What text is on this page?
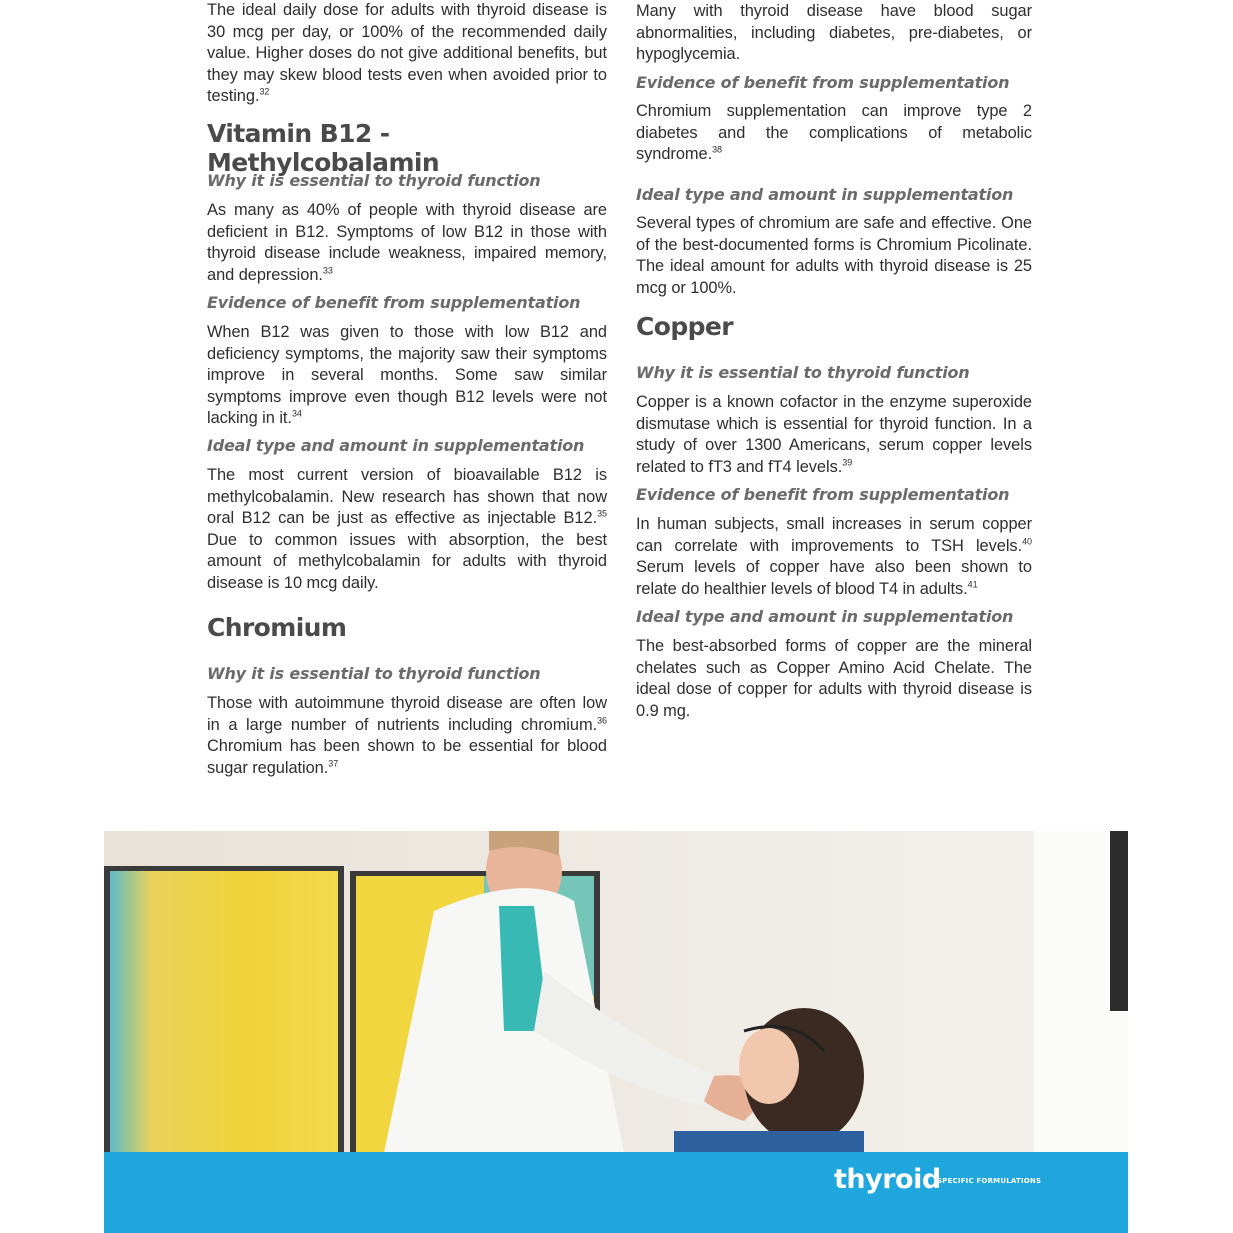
The ideal daily dose for adults with thyroid disease is 30 mcg per day, or 100% of the recommended daily value. Higher doses do not give additional benefits, but they may skew blood tests even when avoided prior to testing.$^{32}$

Vitamin B12 - Methylcobalamin
Why it is essential to thyroid function

As many as 40% of people with thyroid disease are deficient in B12. Symptoms of low B12 in those with thyroid disease include weakness, impaired memory, and depression.$^{33}$

Evidence of benefit from supplementation

When B12 was given to those with low B12 and deficiency symptoms, the majority saw their symptoms improve in several months. Some saw similar symptoms improve even though B12 levels were not lacking in it.$^{34}$

Ideal type and amount in supplementation

The most current version of bioavailable B12 is methylcobalamin. New research has shown that now oral B12 can be just as effective as injectable B12.35 Due to common issues with absorption, the best amount of methylcobalamin for adults with thyroid disease is 10 mcg daily.

Chromium
Why it is essential to thyroid function

Those with autoimmune thyroid disease are often low in a large number of nutrients including chromium.$^{36}$ Chromium has been shown to be essential for blood sugar regulation.$^{37}$

Many with thyroid disease have blood sugar abnormalities, including diabetes, pre-diabetes, or hypoglycemia.

Evidence of benefit from supplementation

Chromium supplementation can improve type 2 diabetes and the complications of metabolic syndrome.$^{38}$

Ideal type and amount in supplementation

Several types of chromium are safe and effective. One of the best-documented forms is Chromium Picolinate. The ideal amount for adults with thyroid disease is 25 mcg or 100%.

Copper
Why it is essential to thyroid function

Copper is a known cofactor in the enzyme superoxide dismutase which is essential for thyroid function. In a study of over 1300 Americans, serum copper levels related to fT3 and fT4 levels.$^{39}$

Evidence of benefit from supplementation

In human subjects, small increases in serum copper can correlate with improvements to TSH levels.$^{40}$ Serum levels of copper have also been shown to relate do healthier levels of blood T4 in adults.$^{41}$

Ideal type and amount in supplementation

The best-absorbed forms of copper are the mineral chelates such as Copper Amino Acid Chelate. The ideal dose of copper for adults with thyroid disease is 0.9 mg.

thyroid
SPECIFIC FORMULATIONS
